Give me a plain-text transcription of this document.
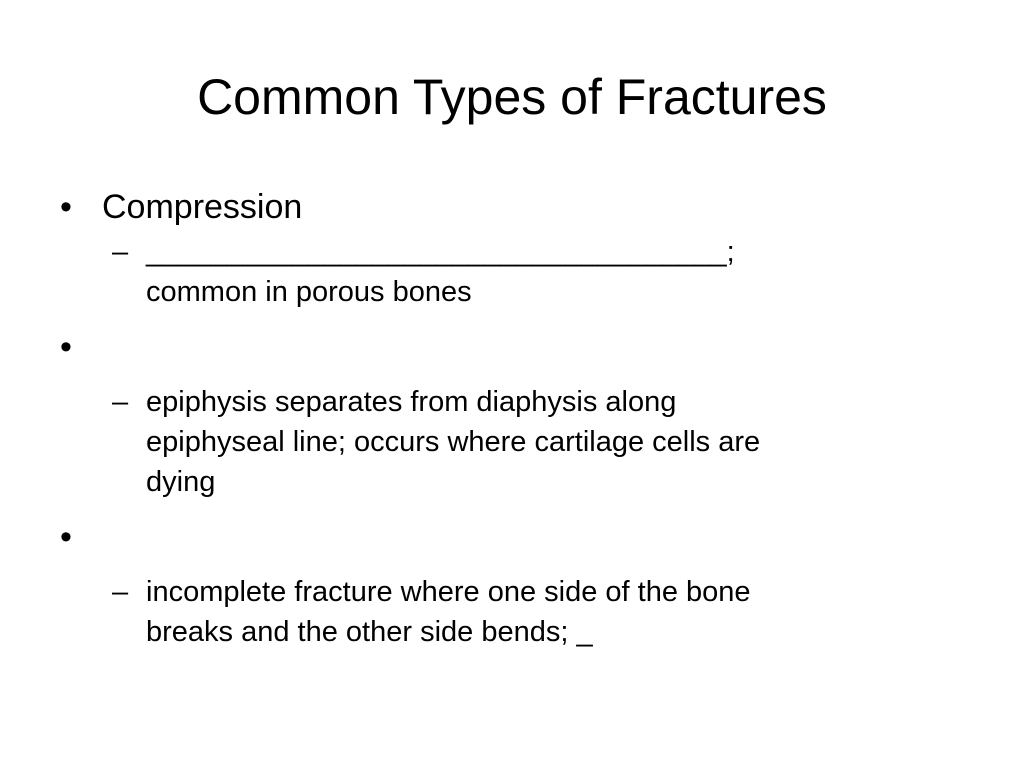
Common Types of Fractures
• Compression
– ____________________________________;
common in porous bones
•

– epiphysis separates from diaphysis along
epiphyseal line; occurs where cartilage cells are
dying
•

– incomplete fracture where one side of the bone
breaks and the other side bends; _
